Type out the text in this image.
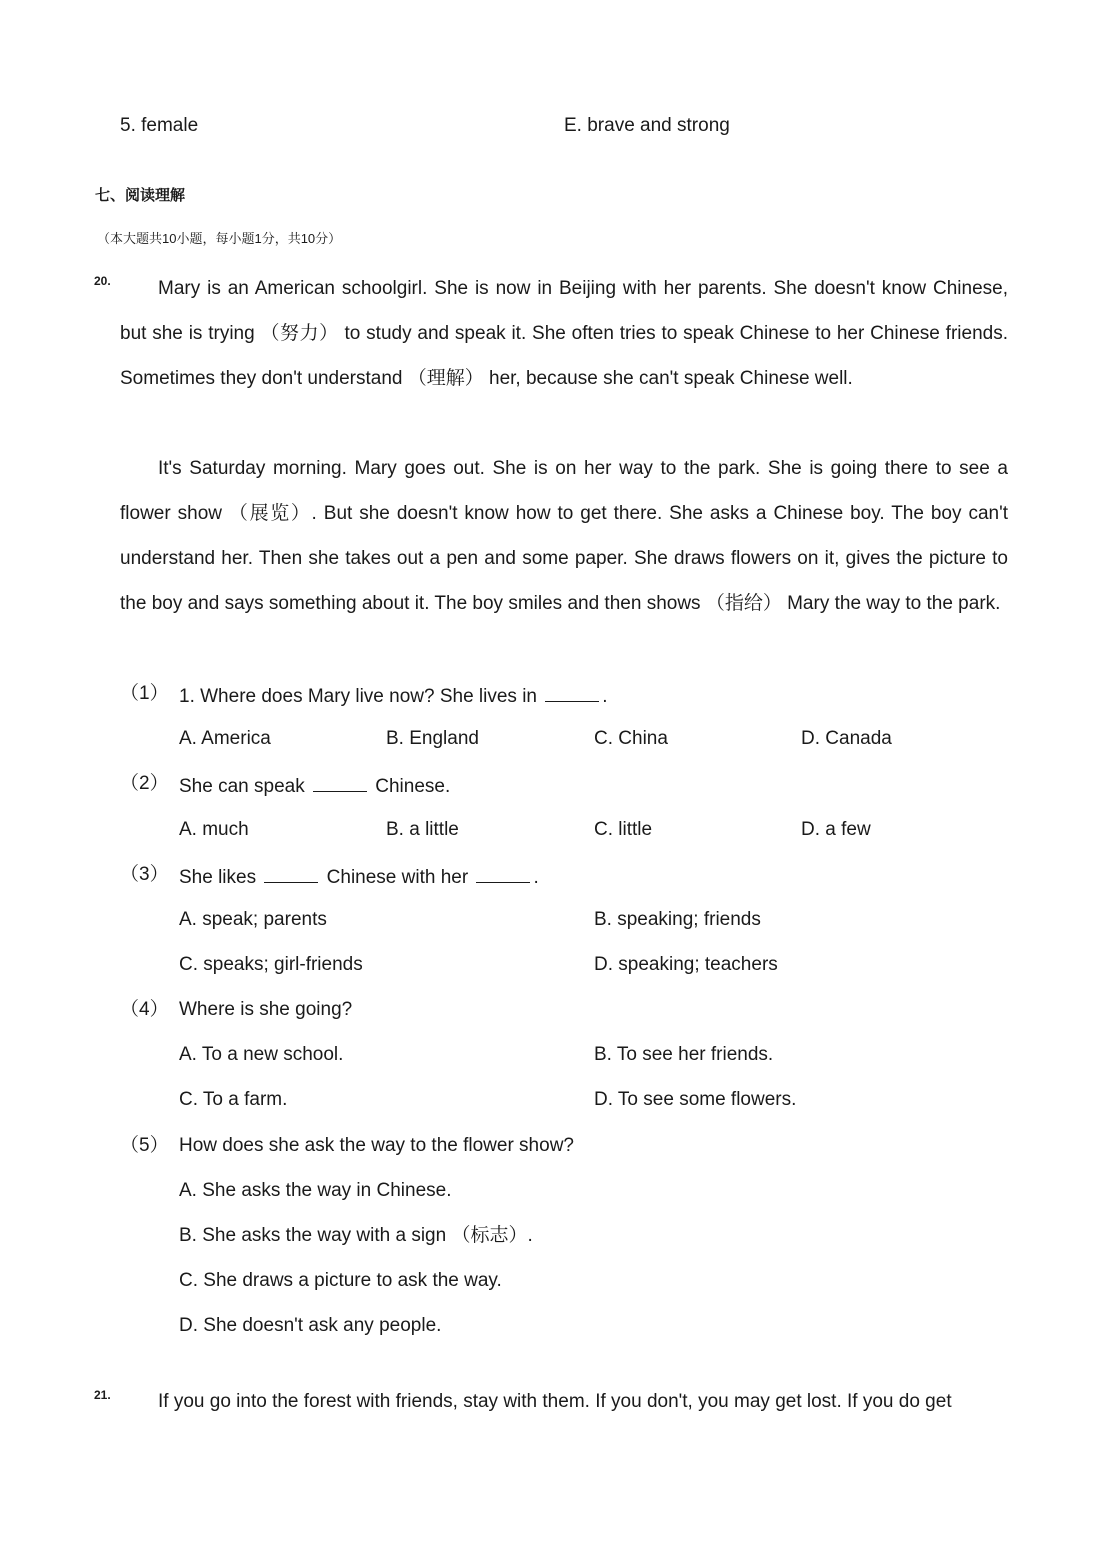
5. female	E. brave and strong
七、阅读理解
（本大题共10小题，每小题1分，共10分）
20.	Mary is an American schoolgirl. She is now in Beijing with her parents. She doesn't know Chinese, but she is trying （努力） to study and speak it. She often tries to speak Chinese to her Chinese friends. Sometimes they don't understand （理解） her, because she can't speak Chinese well.
It's Saturday morning. Mary goes out. She is on her way to the park. She is going there to see a flower show （展览）. But she doesn't know how to get there. She asks a Chinese boy. The boy can't understand her. Then she takes out a pen and some paper. She draws flowers on it, gives the picture to the boy and says something about it. The boy smiles and then shows （指给） Mary the way to the park.
（1） 1. Where does Mary live now? She lives in	.
A. America	B. England	C. China	D. Canada
（2） She can speak	Chinese.
A. much	B. a little	C. little	D. a few
（3） She likes	Chinese with her	.
A. speak; parents	B. speaking; friends
C. speaks; girl-friends	D. speaking; teachers
（4） Where is she going?
A. To a new school.	B. To see her friends.
C. To a farm.	D. To see some flowers.
（5） How does she ask the way to the flower show?
A. She asks the way in Chinese.
B. She asks the way with a sign （标志）.
C. She draws a picture to ask the way.
D. She doesn't ask any people.
21. If you go into the forest with friends, stay with them. If you don't, you may get lost. If you do get
